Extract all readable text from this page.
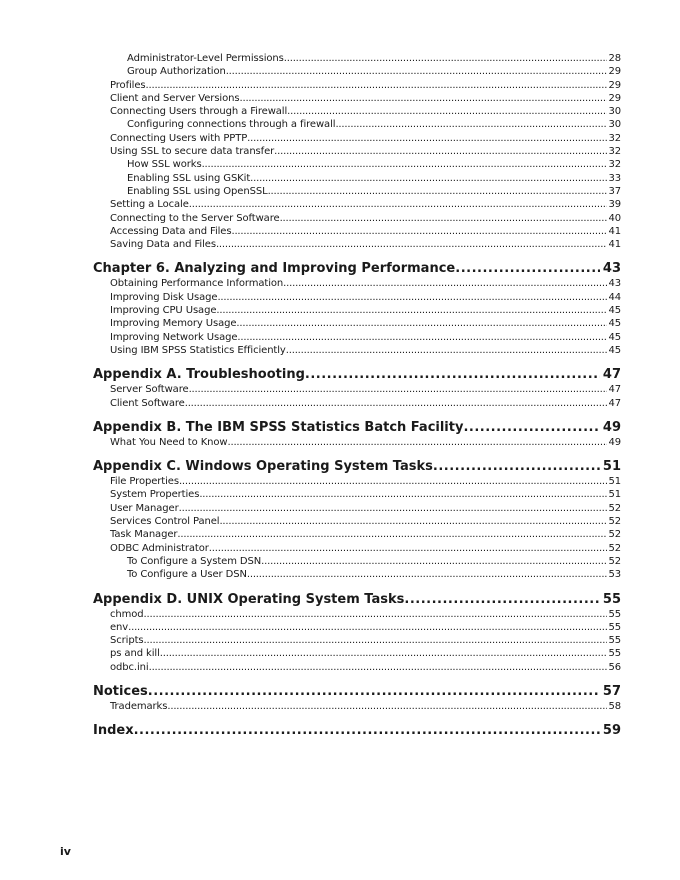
Administrator-Level Permissions .....	28
Group Authorization .....	29
Profiles .....	29
Client and Server Versions .....	29
Connecting Users through a Firewall .....	30
Configuring connections through a firewall .....	30
Connecting Users with PPTP .....	32
Using SSL to secure data transfer .....	32
How SSL works .....	32
Enabling SSL using GSKit .....	33
Enabling SSL using OpenSSL .....	37
Setting a Locale .....	39
Connecting to the Server Software .....	40
Accessing Data and Files .....	41
Saving Data and Files .....	41
Chapter 6. Analyzing and Improving Performance .....	43
Obtaining Performance Information .....	43
Improving Disk Usage .....	44
Improving CPU Usage .....	45
Improving Memory Usage .....	45
Improving Network Usage .....	45
Using IBM SPSS Statistics Efficiently .....	45
Appendix A. Troubleshooting .....	47
Server Software .....	47
Client Software .....	47
Appendix B. The IBM SPSS Statistics Batch Facility .....	49
What You Need to Know .....	49
Appendix C. Windows Operating System Tasks .....	51
File Properties .....	51
System Properties .....	51
User Manager .....	52
Services Control Panel .....	52
Task Manager .....	52
ODBC Administrator .....	52
To Configure a System DSN .....	52
To Configure a User DSN .....	53
Appendix D. UNIX Operating System Tasks .....	55
chmod .....	55
env .....	55
Scripts .....	55
ps and kill .....	55
odbc.ini .....	56
Notices .....	57
Trademarks .....	58
Index .....	59
iv
